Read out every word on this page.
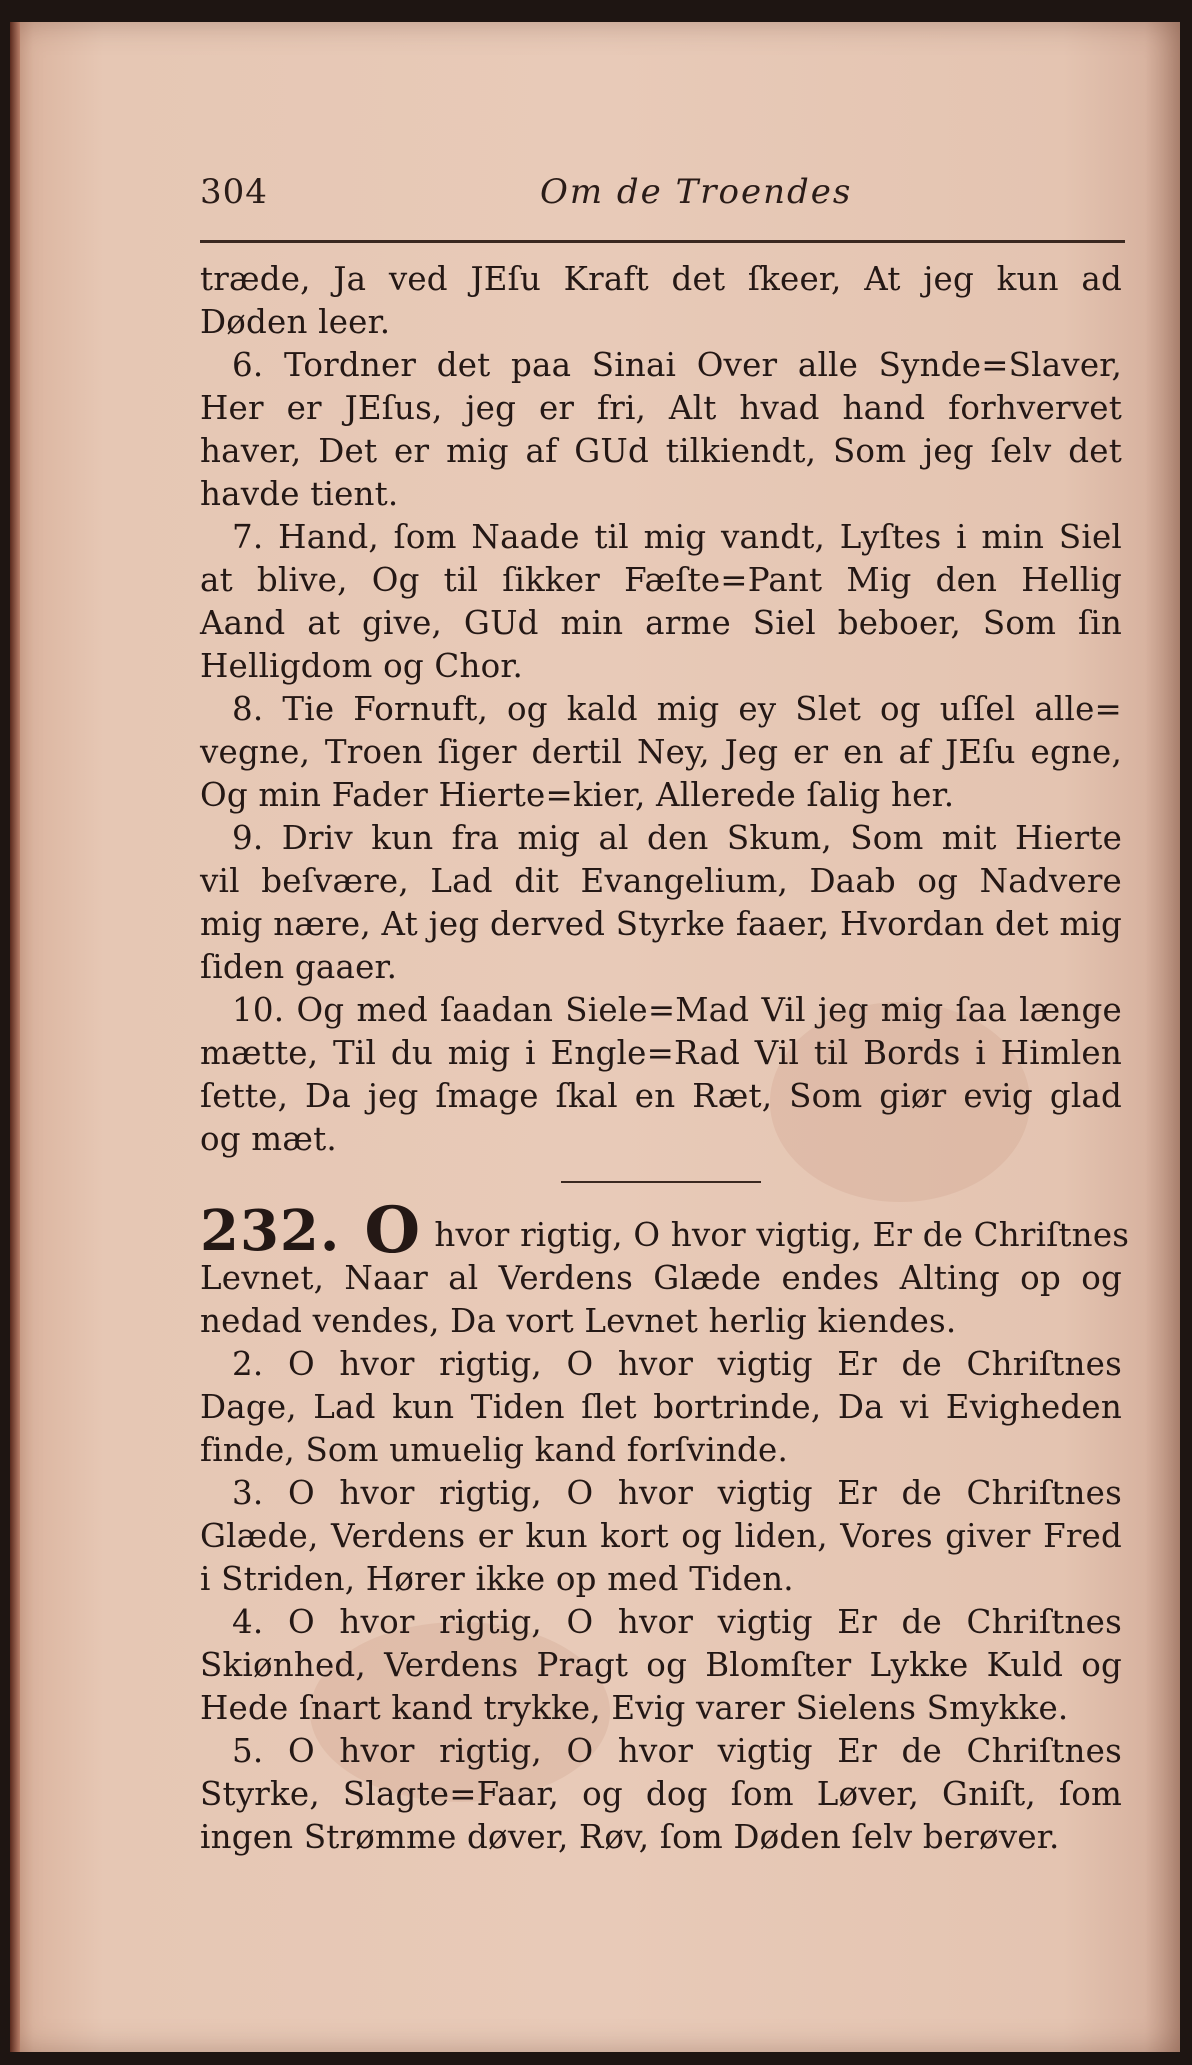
304	Om de Troendes
træde, Ja ved JEſu Kraft det ſkeer, At jeg kun ad
Døden leer.
6. Tordner det paa Sinai Over alle Synde=Slaver,
Her er JEſus, jeg er fri, Alt hvad hand forhvervet
haver, Det er mig af GUd tilkiendt, Som jeg ſelv det
havde tient.
7. Hand, ſom Naade til mig vandt, Lyſtes i min Siel
at blive, Og til ſikker Fæſte=Pant Mig den Hellig
Aand at give, GUd min arme Siel beboer, Som ſin
Helligdom og Chor.
8. Tie Fornuft, og kald mig ey Slet og uſſel alle=
vegne, Troen ſiger dertil Ney, Jeg er en af JEſu egne,
Og min Fader Hierte=kier, Allerede ſalig her.
9. Driv kun fra mig al den Skum, Som mit Hierte
vil beſvære, Lad dit Evangelium, Daab og Nadvere
mig nære, At jeg derved Styrke faaer, Hvordan det mig
ſiden gaaer.
10. Og med ſaadan Siele=Mad Vil jeg mig ſaa længe
mætte, Til du mig i Engle=Rad Vil til Bords i Himlen
ſette, Da jeg ſmage ſkal en Ræt, Som giør evig glad
og mæt.
232. O hvor rigtig, O hvor vigtig, Er de Chriſtnes
Levnet, Naar al Verdens Glæde endes Alting op og
nedad vendes, Da vort Levnet herlig kiendes.
2. O hvor rigtig, O hvor vigtig Er de Chriſtnes
Dage, Lad kun Tiden ſlet bortrinde, Da vi Evigheden
finde, Som umuelig kand forſvinde.
3. O hvor rigtig, O hvor vigtig Er de Chriſtnes
Glæde, Verdens er kun kort og liden, Vores giver Fred
i Striden, Hører ikke op med Tiden.
4. O hvor rigtig, O hvor vigtig Er de Chriſtnes
Skiønhed, Verdens Pragt og Blomſter Lykke Kuld og
Hede ſnart kand trykke, Evig varer Sielens Smykke.
5. O hvor rigtig, O hvor vigtig Er de Chriſtnes
Styrke, Slagte=Faar, og dog ſom Løver, Gniſt, ſom
ingen Strømme døver, Røv, ſom Døden ſelv berøver.
